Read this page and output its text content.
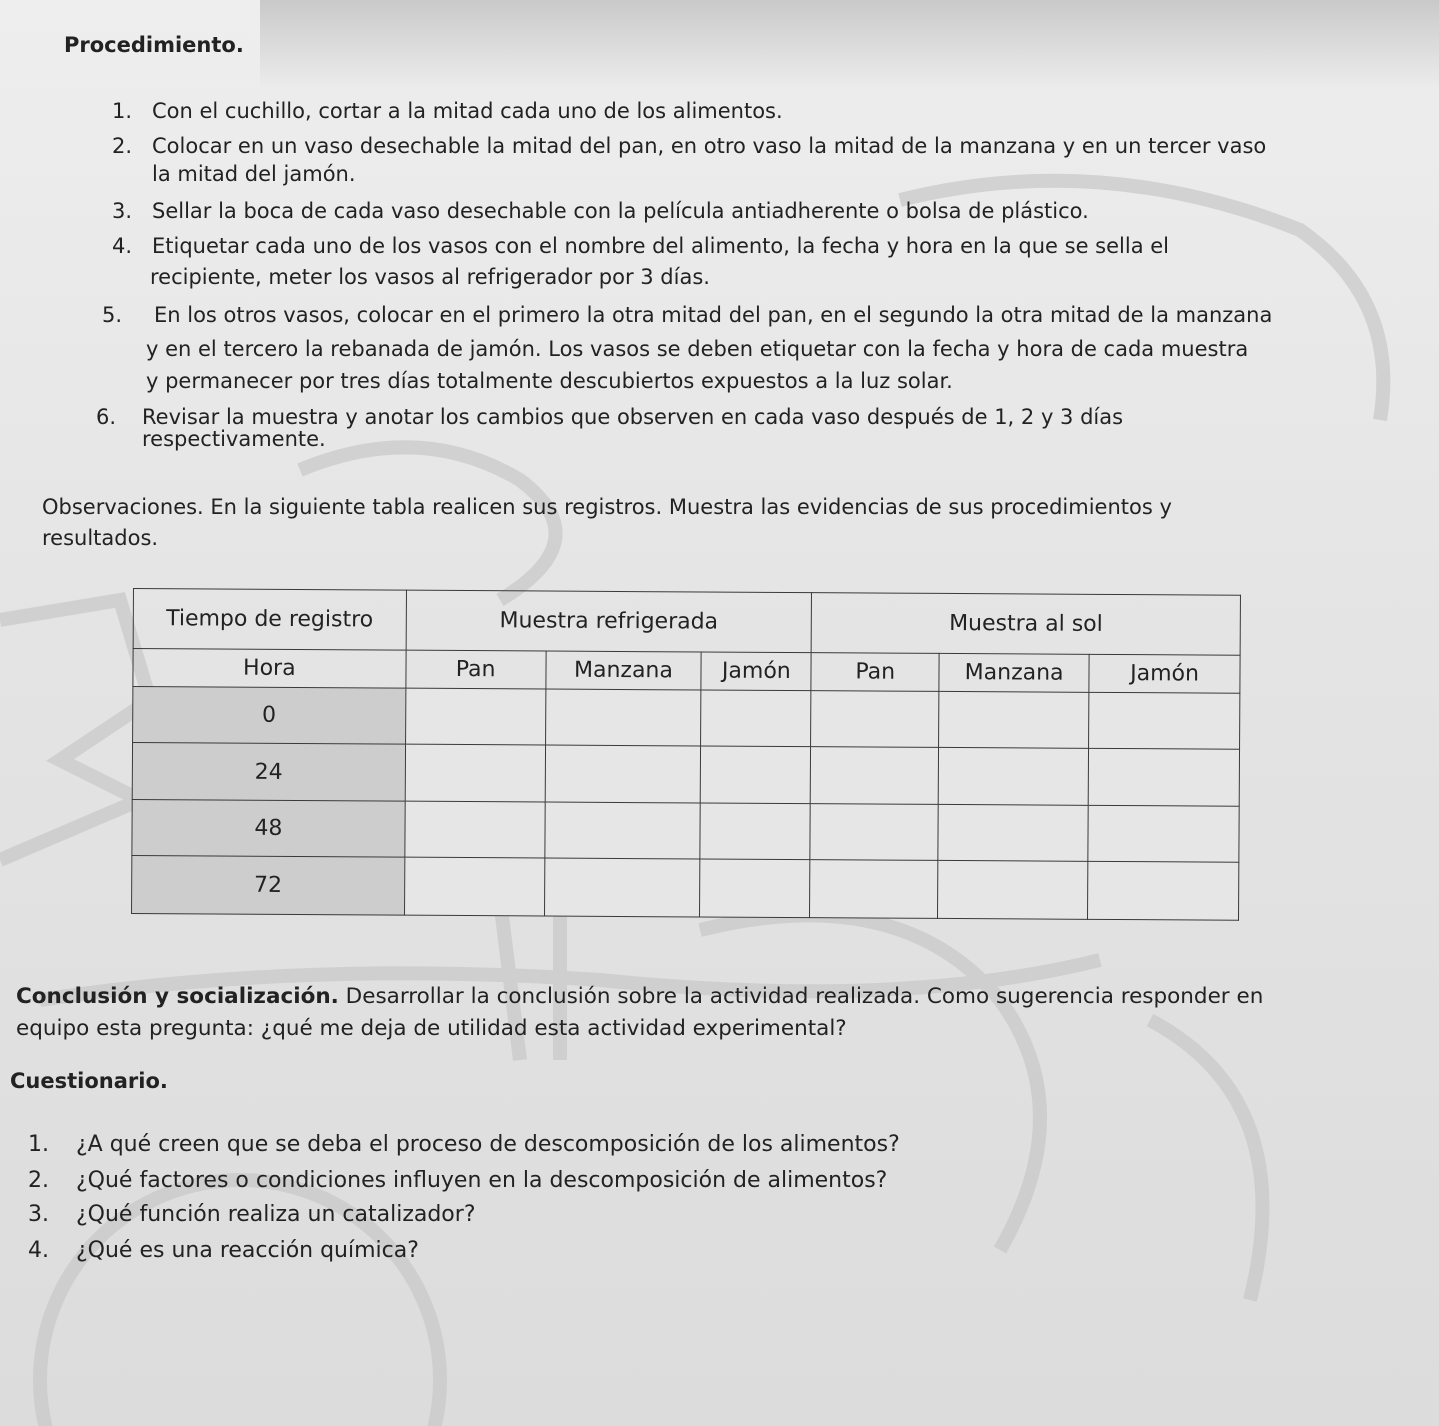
Procedimiento.
1. Con el cuchillo, cortar a la mitad cada uno de los alimentos.
2. Colocar en un vaso desechable la mitad del pan, en otro vaso la mitad de la manzana y en un tercer vaso
la mitad del jamón.
3. Sellar la boca de cada vaso desechable con la película antiadherente o bolsa de plástico.
4. Etiquetar cada uno de los vasos con el nombre del alimento, la fecha y hora en la que se sella el
recipiente, meter los vasos al refrigerador por 3 días.
5. En los otros vasos, colocar en el primero la otra mitad del pan, en el segundo la otra mitad de la manzana
y en el tercero la rebanada de jamón. Los vasos se deben etiquetar con la fecha y hora de cada muestra
y permanecer por tres días totalmente descubiertos expuestos a la luz solar.
6. Revisar la muestra y anotar los cambios que observen en cada vaso después de 1, 2 y 3 días
respectivamente.
Observaciones. En la siguiente tabla realicen sus registros. Muestra las evidencias de sus procedimientos y
resultados.
Tiempo de registro	Muestra refrigerada			Muestra al sol		
Hora	Pan	Manzana	Jamón	Pan	Manzana	Jamón
0						
24						
48						
72						
Conclusión y socialización. Desarrollar la conclusión sobre la actividad realizada. Como sugerencia responder en
equipo esta pregunta: ¿qué me deja de utilidad esta actividad experimental?
Cuestionario.
1. ¿A qué creen que se deba el proceso de descomposición de los alimentos?
2. ¿Qué factores o condiciones influyen en la descomposición de alimentos?
3. ¿Qué función realiza un catalizador?
4. ¿Qué es una reacción química?
